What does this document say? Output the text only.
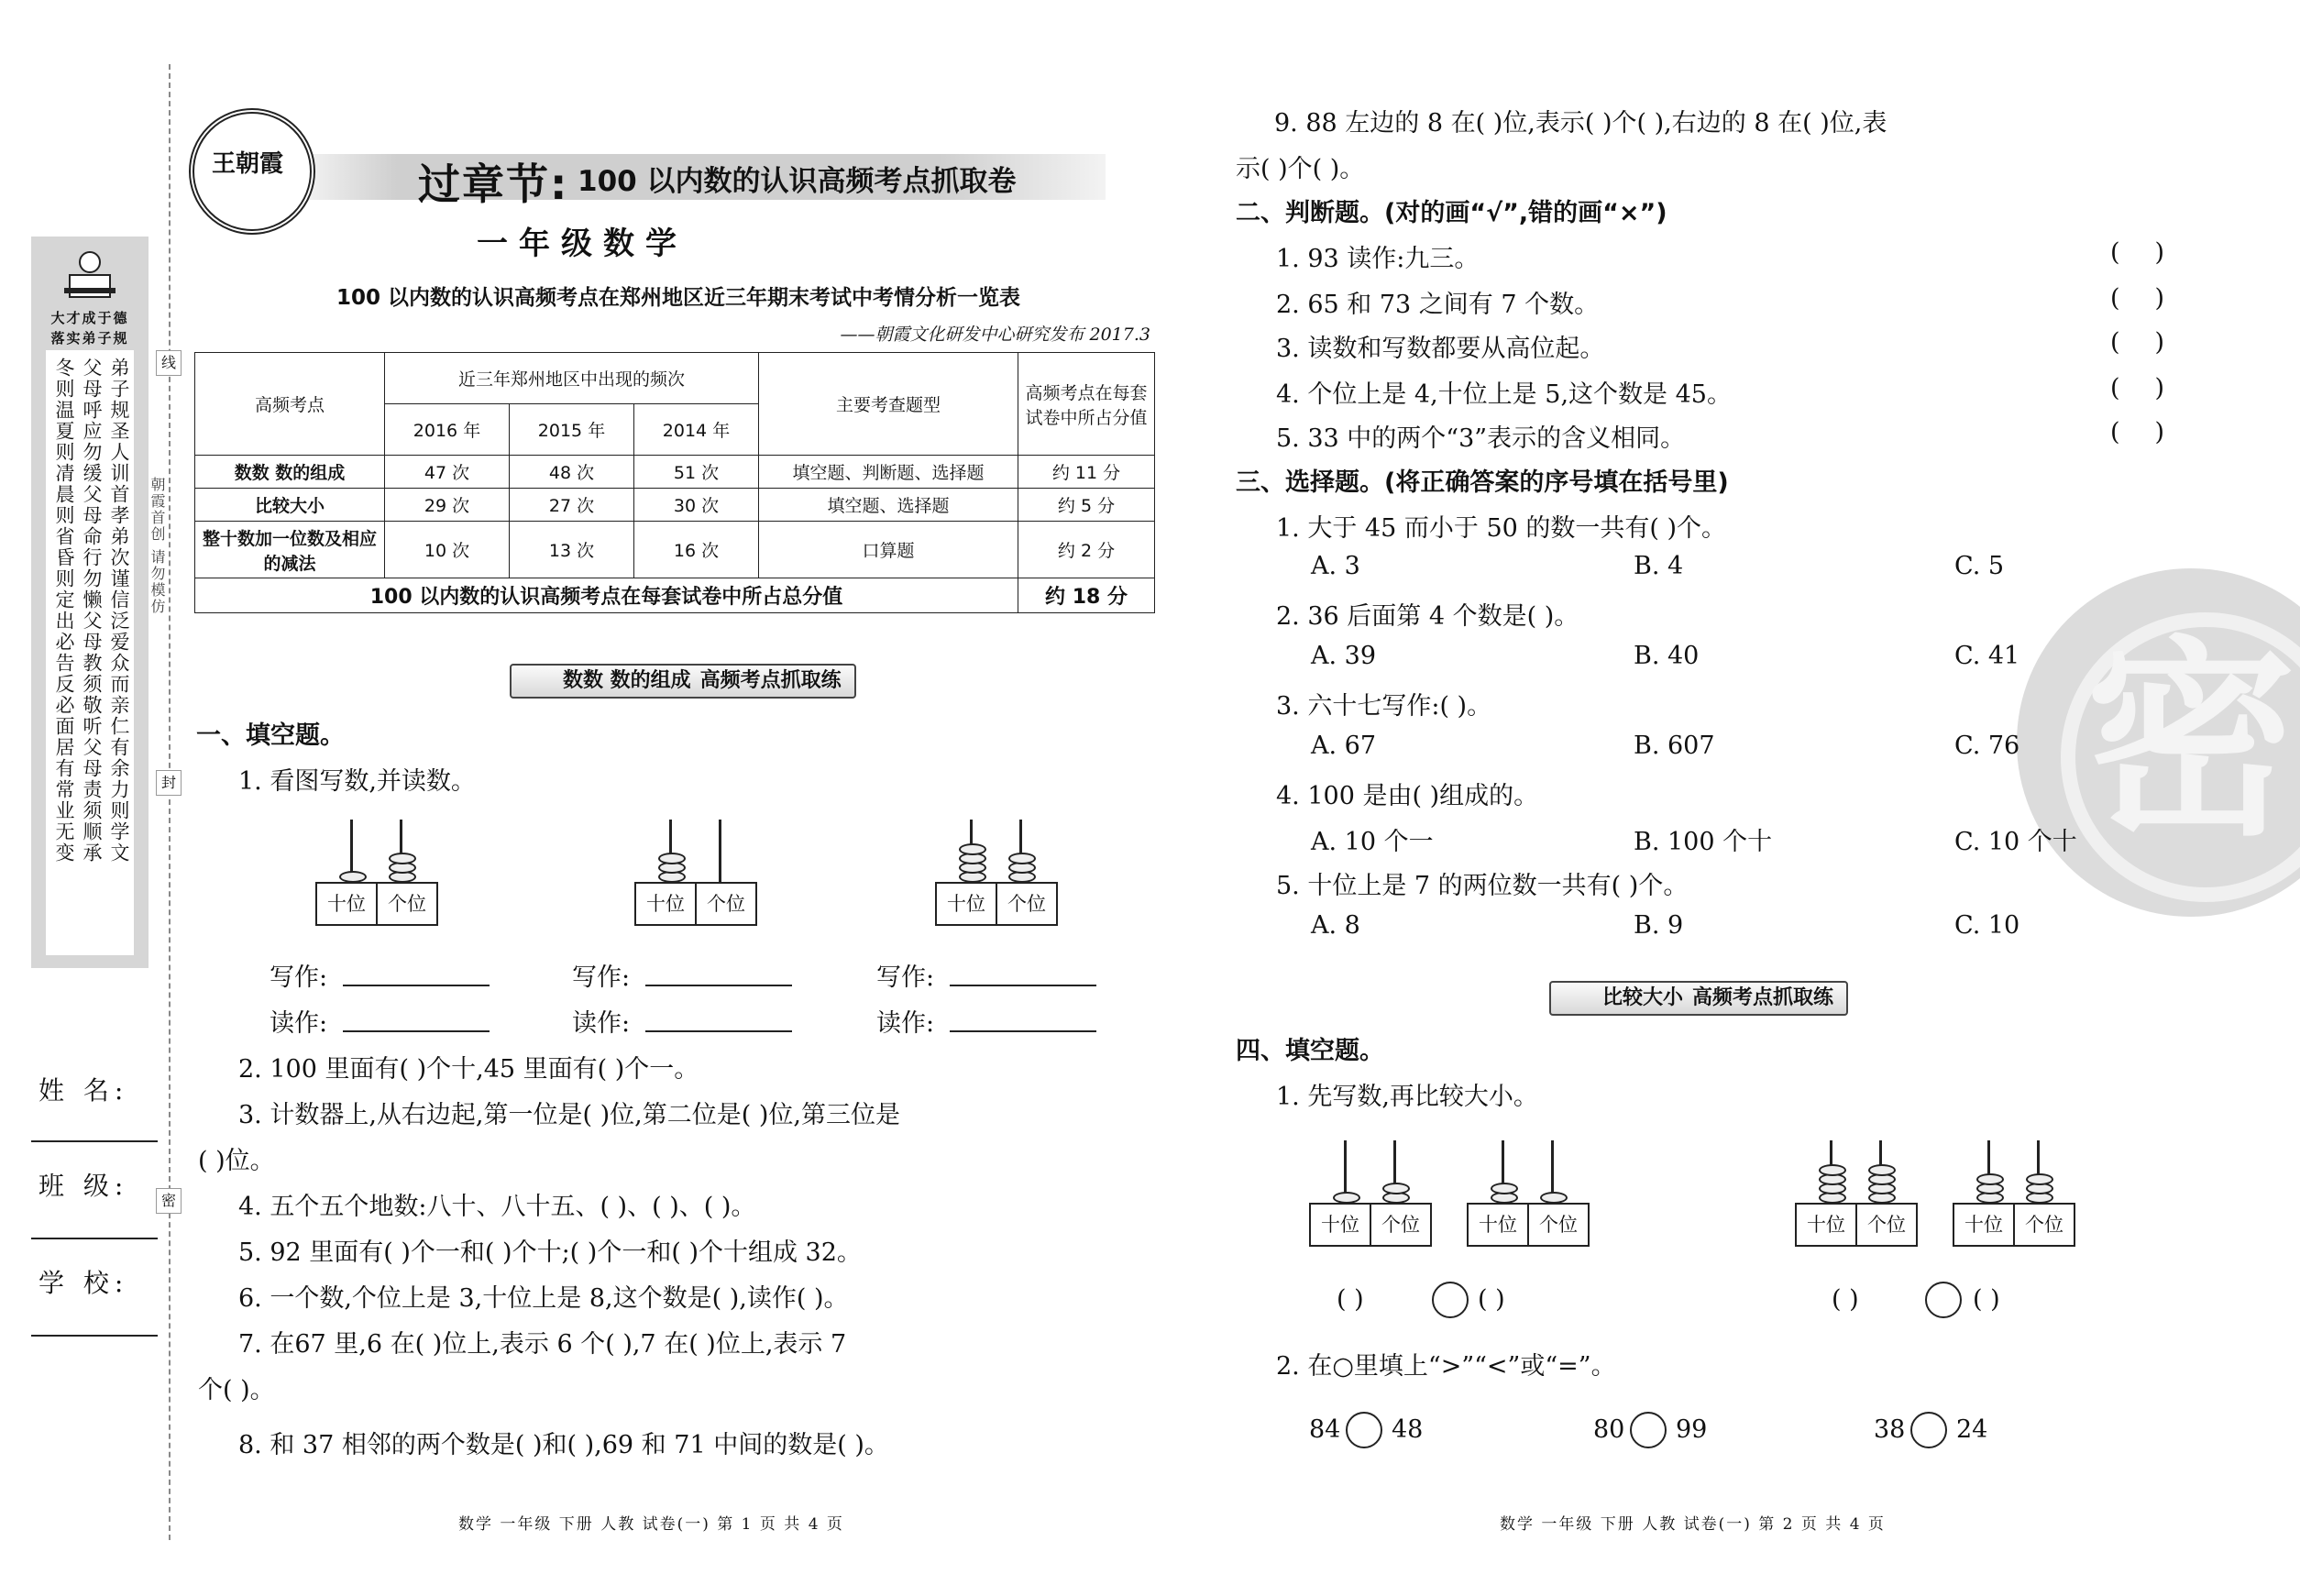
大才成于德
落实弟子规
弟子规圣人训首孝弟次谨信泛爱众而亲仁有余力则学文
父母呼应勿缓父母命行勿懒父母教须敬听父母责须顺承
冬则温夏则凊晨则省昏则定出必告反必面居有常业无变	朝霞首创 请勿模仿
线
封
密
姓 名:
班 级:
学 校:
王朝霞	过章节: 100 以内数的认识高频考点抓取卷
一年级数学
100 以内数的认识高频考点在郑州地区近三年期末考试中考情分析一览表
——朝霞文化研发中心研究发布 2017.3
高频考点	近三年郑州地区中出现的频次			主要考查题型	高频考点在每套试卷中所占分值
	2016 年	2015 年	2014 年		
数数 数的组成	47 次	48 次	51 次	填空题、判断题、选择题	约 11 分
比较大小	29 次	27 次	30 次	填空题、选择题	约 5 分
整十数加一位数及相应的减法	10 次	13 次	16 次	口算题	约 2 分
100 以内数的认识高频考点在每套试卷中所占总分值					约 18 分
数数 数的组成 高频考点抓取练
一、填空题。
1. 看图写数,并读数。
十位	个位	十位	个位	十位	个位
写作:	写作:	写作:
读作:	读作:	读作:
2. 100 里面有( )个十,45 里面有( )个一。
3. 计数器上,从右边起,第一位是( )位,第二位是( )位,第三位是
( )位。
4. 五个五个地数:八十、八十五、( )、( )、( )。
5. 92 里面有( )个一和( )个十;( )个一和( )个十组成 32。
6. 一个数,个位上是 3,十位上是 8,这个数是( ),读作( )。
7. 在67 里,6 在( )位上,表示 6 个( ),7 在( )位上,表示 7
个( )。
8. 和 37 相邻的两个数是( )和( ),69 和 71 中间的数是( )。
9. 88 左边的 8 在( )位,表示( )个( ),右边的 8 在( )位,表
示( )个( )。
密
二、判断题。(对的画“√”,错的画“×”)
1. 93 读作:九三。	()
2. 65 和 73 之间有 7 个数。	()
3. 读数和写数都要从高位起。	()
4. 个位上是 4,十位上是 5,这个数是 45。	()
5. 33 中的两个“3”表示的含义相同。	()
三、选择题。(将正确答案的序号填在括号里)
1. 大于 45 而小于 50 的数一共有( )个。
A. 3	B. 4	C. 5
2. 36 后面第 4 个数是( )。
A. 39	B. 40	C. 41
3. 六十七写作:( )。
A. 67	B. 607	C. 76
4. 100 是由( )组成的。
A. 10 个一	B. 100 个十	C. 10 个十
5. 十位上是 7 的两位数一共有( )个。
A. 8	B. 9	C. 10
比较大小 高频考点抓取练
四、填空题。
1. 先写数,再比较大小。
十位	个位	十位	个位	十位	个位	十位	个位
( )	( )	( )	( )
2. 在○里填上“>”“<”或“=”。
84 48	80 99	38 24
数学 一年级 下册 人教 试卷(一) 第 1 页 共 4 页	数学 一年级 下册 人教 试卷(一) 第 2 页 共 4 页
